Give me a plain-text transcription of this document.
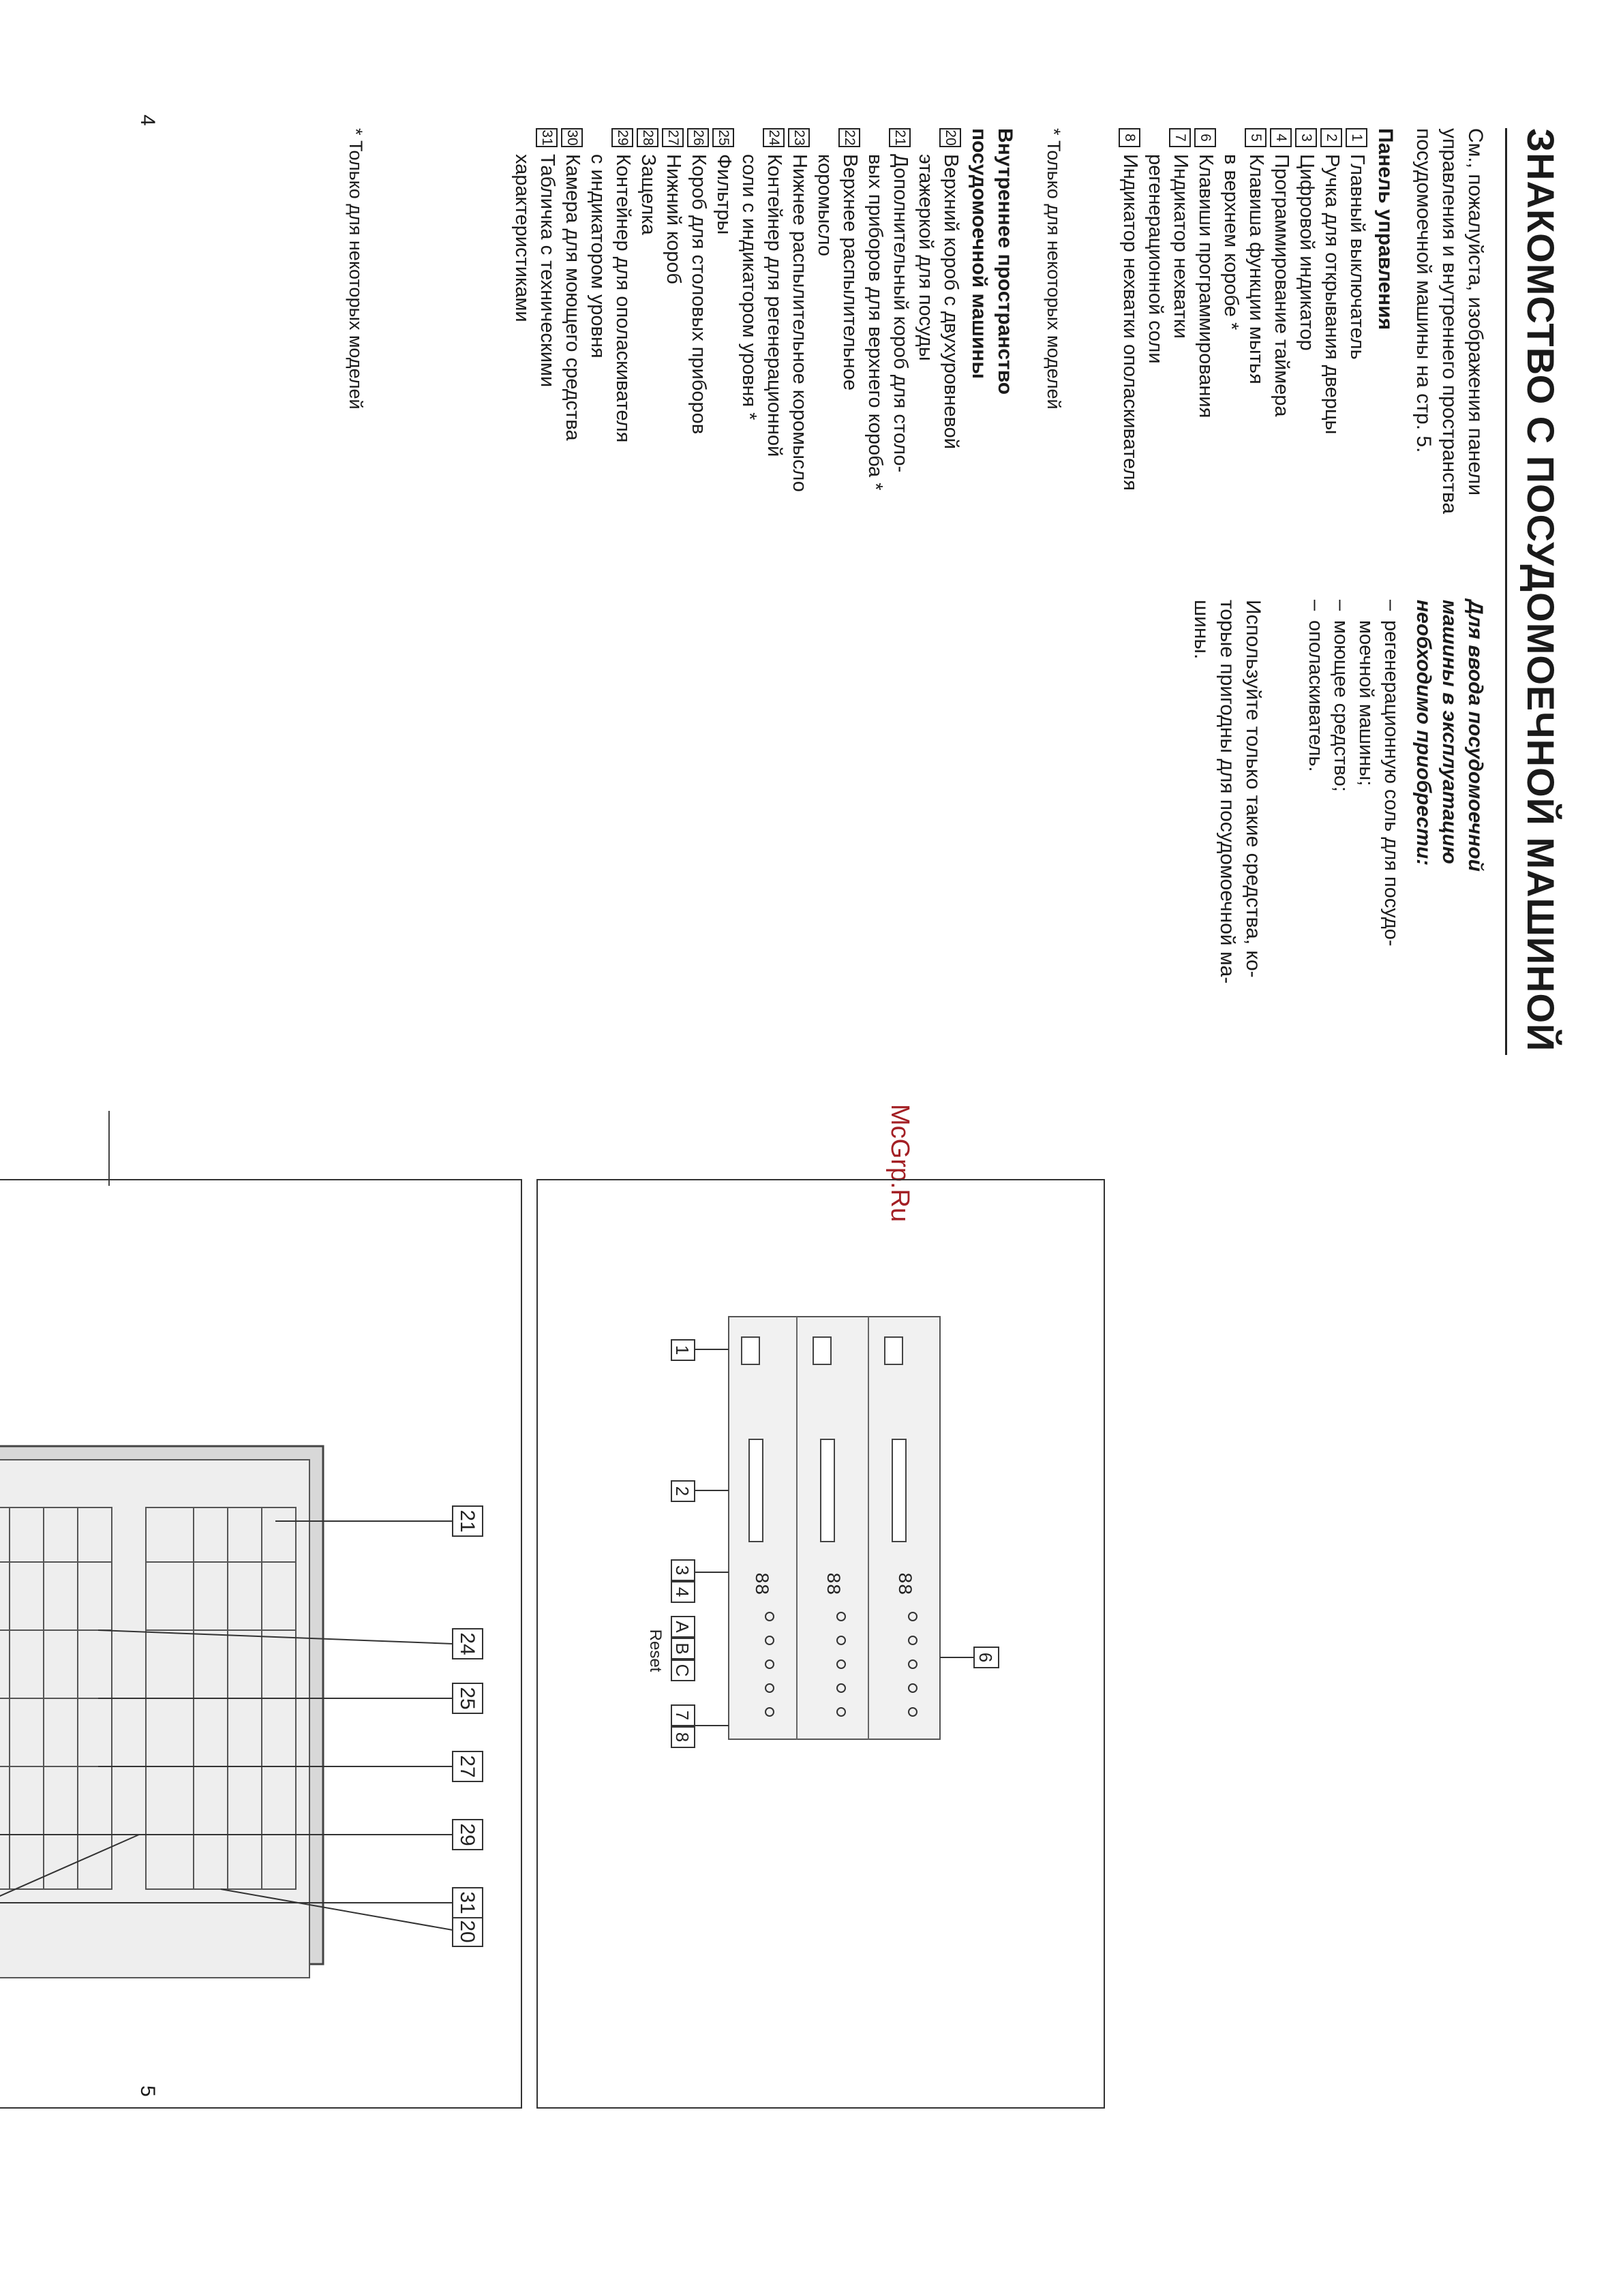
4
5
ЗНАКОМСТВО С ПОСУДОМОЕЧНОЙ МАШИНОЙ
См., пожалуйста, изображения панели
управления и внутреннего пространства
посудомоечной машины на стр. 5.
Панель управления
1
Главный выключатель
2
Ручка для открывания дверцы
3
Цифровой индикатор
4
Программирование таймера
5
Клавиша функции мытья
в верхнем коробе *
6
Клавиши программирования
7
Индикатор нехватки
регенерационной соли
8
Индикатор нехватки ополаскивателя
* Только для некоторых моделей
Внутреннее пространство
посудомоечной машины
20
Верхний короб с двухуровневой
этажеркой для посуды
21
Дополнительный короб для столо-
вых приборов для верхнего короба *
22
Верхнее распылительное
коромысло
23
Нижнее распылительное коромысло
24
Контейнер для регенерационной
соли с индикатором уровня *
25
Фильтры
26
Короб для столовых приборов
27
Нижний короб
28
Защелка
29
Контейнер для ополаскивателя
с индикатором уровня
30
Камера для моющего средства
31
Табличка с техническими
характеристиками
* Только для некоторых моделей
Для ввода посудомоечной
машины в эксплуатацию
необходимо приобрести:
– регенерационную соль для посудо-
моечной машины;
– моющее средство;
– ополаскиватель.
Используйте только такие средства, ко-
торые пригодны для посудомоечной ма-
шины.
McGrp.Ru
88
88
88
1
2
3
4
A
B
C
6
7
8
Reset
20
21
24
25
27
29
31
